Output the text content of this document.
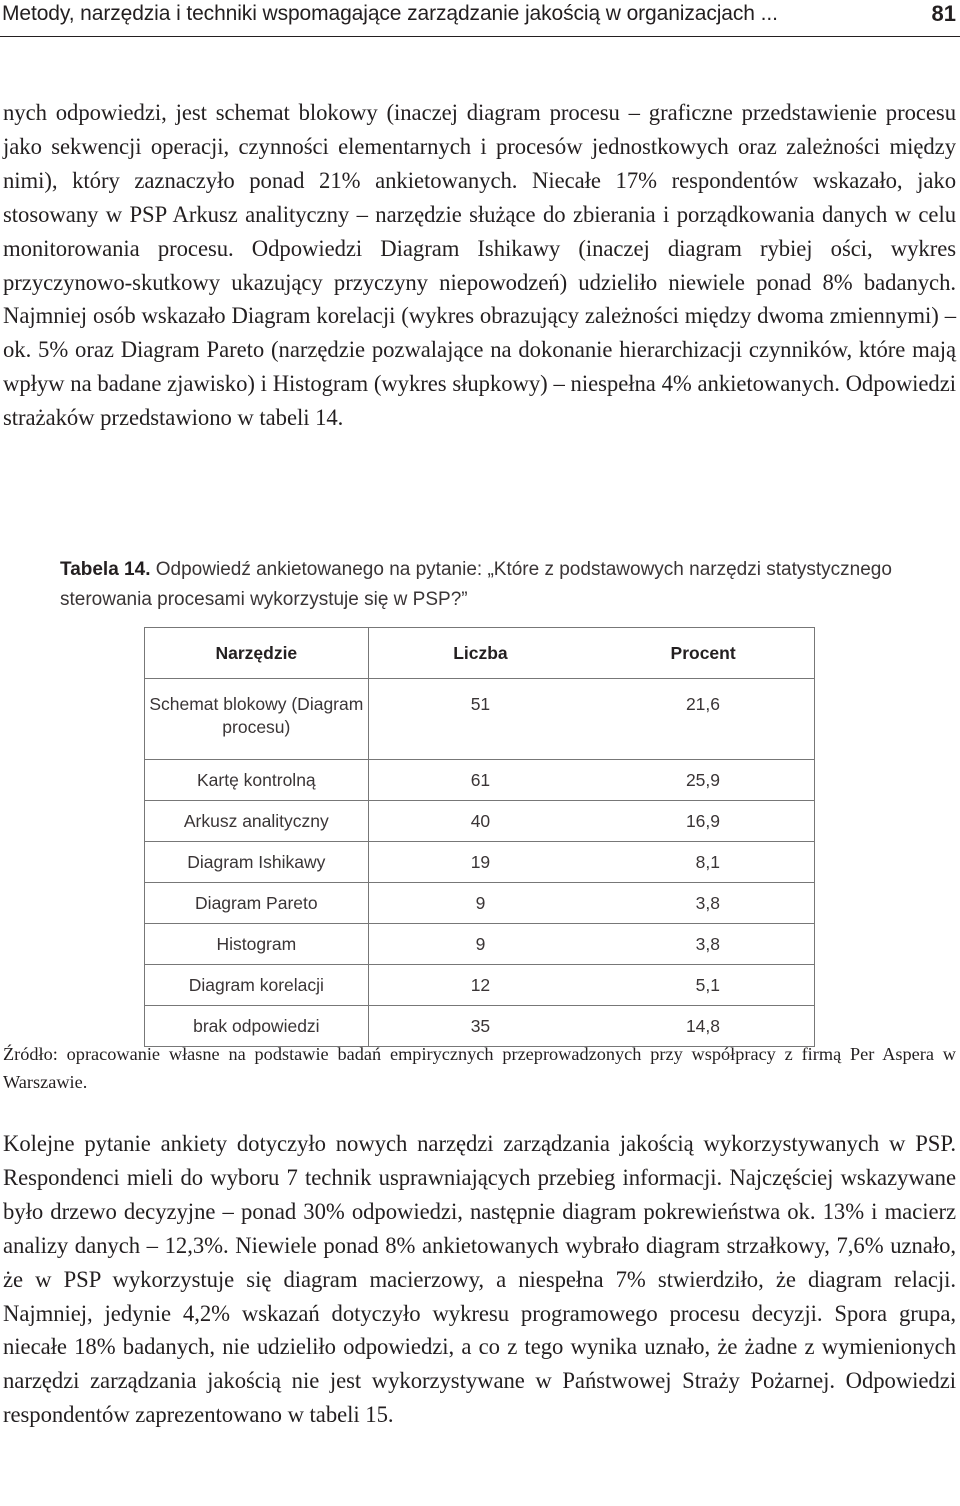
Metody, narzędzia i techniki wspomagające zarządzanie jakością w organizacjach ...	81
nych odpowiedzi, jest schemat blokowy (inaczej diagram procesu – graficzne przedstawienie procesu jako sekwencji operacji, czynności elementarnych i procesów jednostkowych oraz zależności między nimi), który zaznaczyło ponad 21% ankietowanych. Niecałe 17% respondentów wskazało, jako stosowany w PSP Arkusz analityczny – narzędzie służące do zbierania i porządkowania danych w celu monitorowania procesu. Odpowiedzi Diagram Ishikawy (inaczej diagram rybiej ości, wykres przyczynowo-skutkowy ukazujący przyczyny niepowodzeń) udzieliło niewiele ponad 8% badanych. Najmniej osób wskazało Diagram korelacji (wykres obrazujący zależności między dwoma zmiennymi) – ok. 5% oraz Diagram Pareto (narzędzie pozwalające na dokonanie hierarchizacji czynników, które mają wpływ na badane zjawisko) i Histogram (wykres słupkowy) – niespełna 4% ankietowanych. Odpowiedzi strażaków przedstawiono w tabeli 14.
Tabela 14. Odpowiedź ankietowanego na pytanie: „Które z podstawowych narzędzi statystycznego sterowania procesami wykorzystuje się w PSP?”
Narzędzie	Liczba	Procent
Schemat blokowy (Diagram procesu)	51	21,6
Kartę kontrolną	61	25,9
Arkusz analityczny	40	16,9
Diagram Ishikawy	19	8,1
Diagram Pareto	9	3,8
Histogram	9	3,8
Diagram korelacji	12	5,1
brak odpowiedzi	35	14,8
Źródło: opracowanie własne na podstawie badań empirycznych przeprowadzonych przy współpracy z firmą Per Aspera w Warszawie.
Kolejne pytanie ankiety dotyczyło nowych narzędzi zarządzania jakością wykorzystywanych w PSP. Respondenci mieli do wyboru 7 technik usprawniających przebieg informacji. Najczęściej wskazywane było drzewo decyzyjne – ponad 30% odpowiedzi, następnie diagram pokrewieństwa ok. 13% i macierz analizy danych – 12,3%. Niewiele ponad 8% ankietowanych wybrało diagram strzałkowy, 7,6% uznało, że w PSP wykorzystuje się diagram macierzowy, a niespełna 7% stwierdziło, że diagram relacji. Najmniej, jedynie 4,2% wskazań dotyczyło wykresu programowego procesu decyzji. Spora grupa, niecałe 18% badanych, nie udzieliło odpowiedzi, a co z tego wynika uznało, że żadne z wymienionych narzędzi zarządzania jakością nie jest wykorzystywane w Państwowej Straży Pożarnej. Odpowiedzi respondentów zaprezentowano w tabeli 15.
